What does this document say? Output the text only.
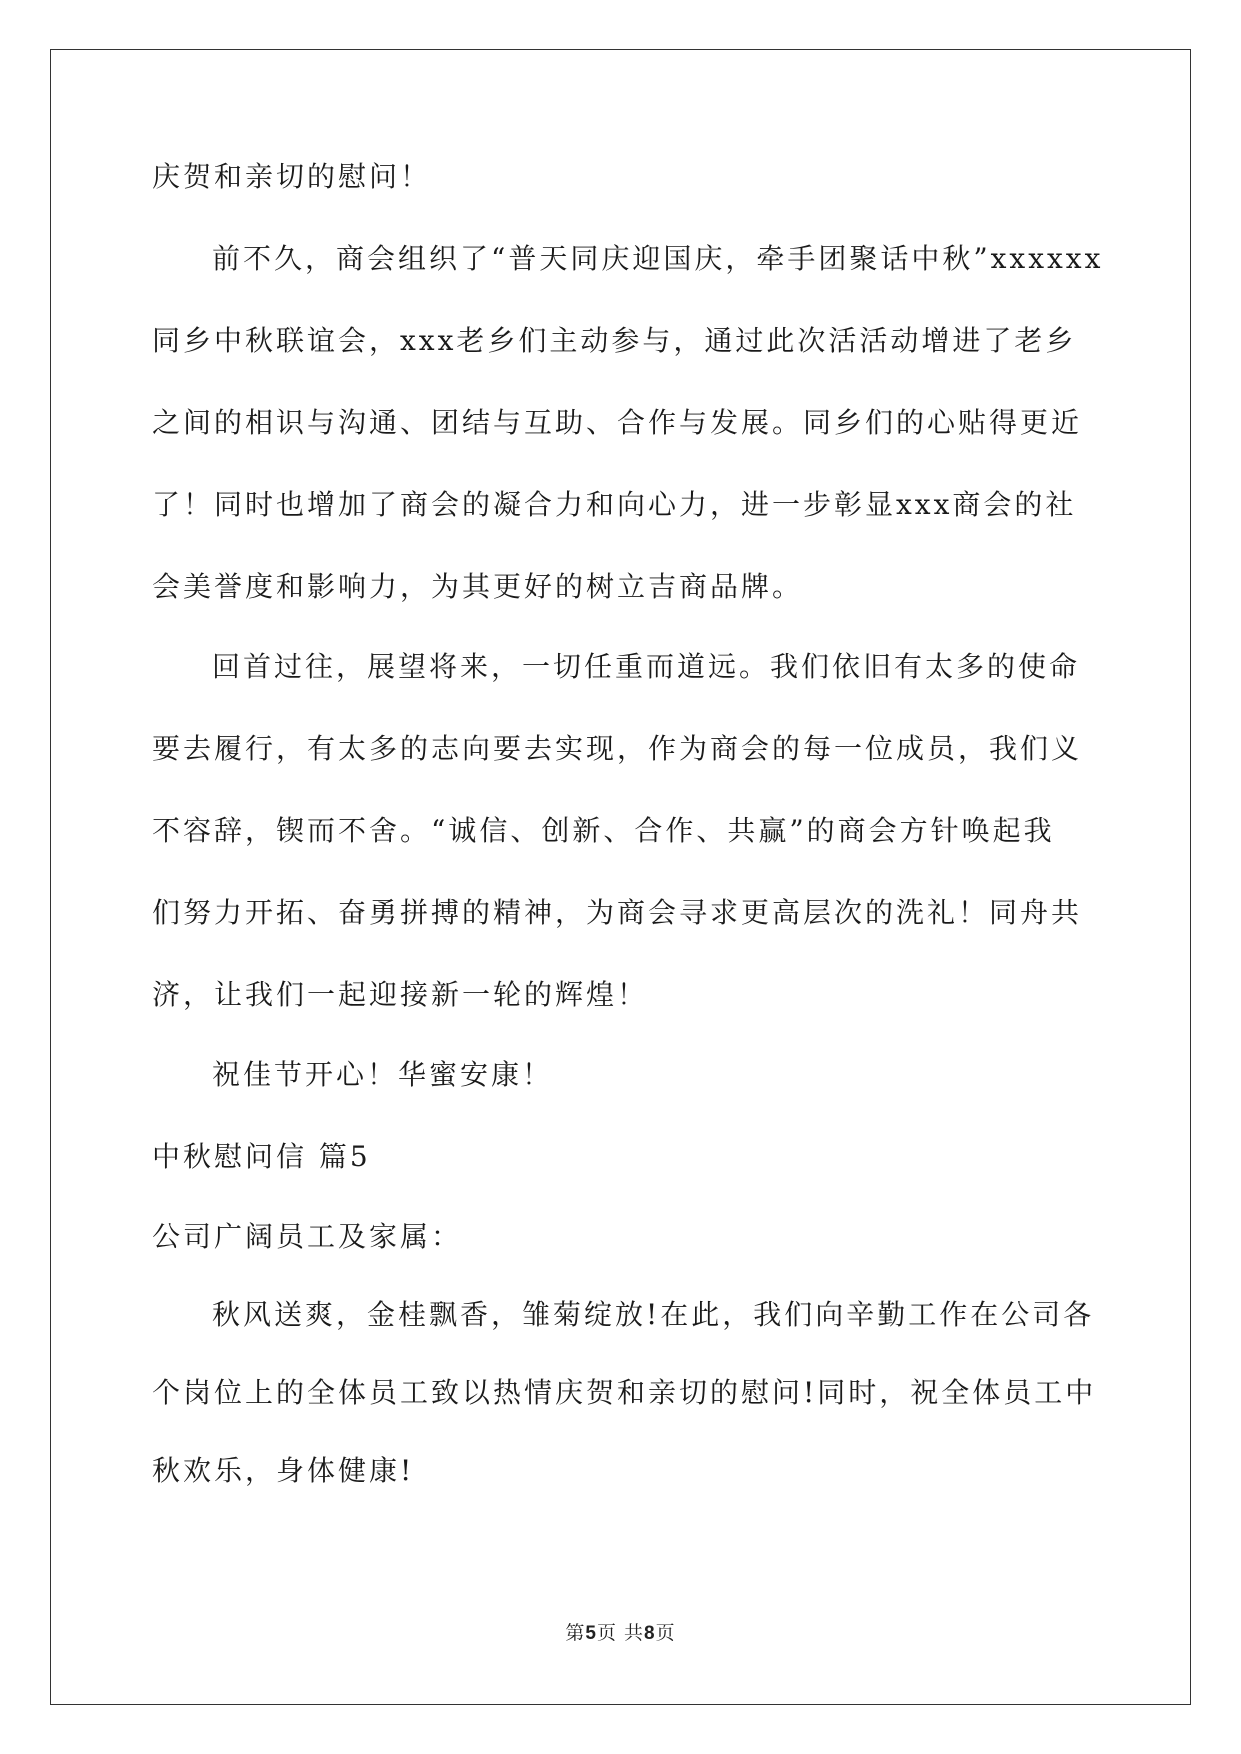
庆贺和亲切的慰问！
前不久，商会组织了“普天同庆迎国庆，牵手团聚话中秋”xxxxxx
同乡中秋联谊会，xxx老乡们主动参与，通过此次活活动增进了老乡
之间的相识与沟通、团结与互助、合作与发展。同乡们的心贴得更近
了！同时也增加了商会的凝合力和向心力，进一步彰显xxx商会的社
会美誉度和影响力，为其更好的树立吉商品牌。
回首过往，展望将来，一切任重而道远。我们依旧有太多的使命
要去履行，有太多的志向要去实现，作为商会的每一位成员，我们义
不容辞，锲而不舍。“诚信、创新、合作、共赢”的商会方针唤起我
们努力开拓、奋勇拼搏的精神，为商会寻求更高层次的洗礼！同舟共
济，让我们一起迎接新一轮的辉煌！
祝佳节开心！华蜜安康！
中秋慰问信 篇5
公司广阔员工及家属：
秋风送爽，金桂飘香，雏菊绽放!在此，我们向辛勤工作在公司各
个岗位上的全体员工致以热情庆贺和亲切的慰问!同时，祝全体员工中
秋欢乐，身体健康!
第5页 共8页
